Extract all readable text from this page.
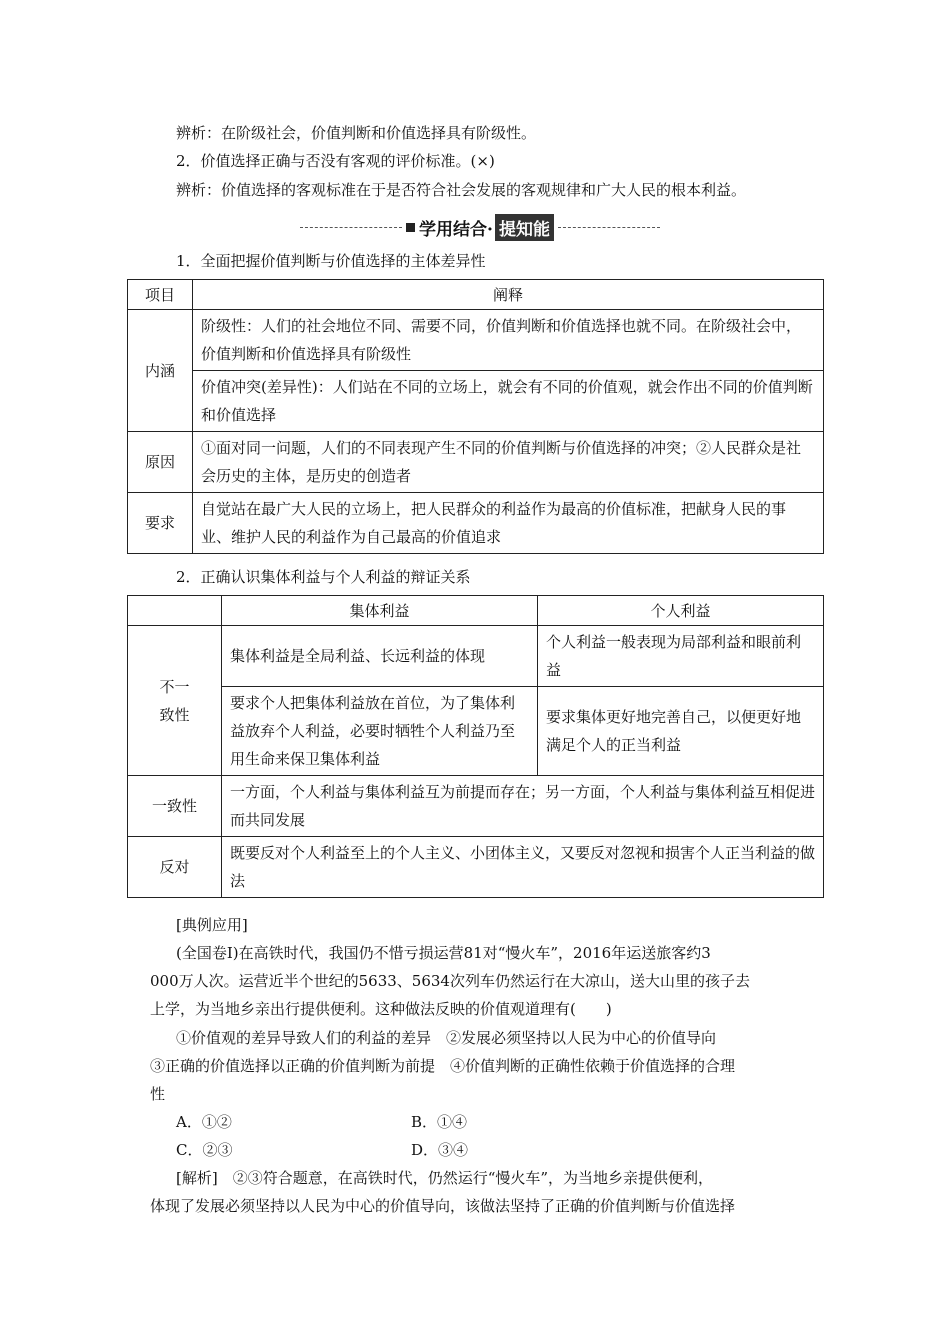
辨析：在阶级社会，价值判断和价值选择具有阶级性。
2．价值选择正确与否没有客观的评价标准。(×)
辨析：价值选择的客观标准在于是否符合社会发展的客观规律和广大人民的根本利益。
学用结合· 提知能
1．全面把握价值判断与价值选择的主体差异性
项目	阐释
内涵	阶级性：人们的社会地位不同、需要不同，价值判断和价值选择也就不同。在阶级社会中，价值判断和价值选择具有阶级性
	价值冲突(差异性)：人们站在不同的立场上，就会有不同的价值观，就会作出不同的价值判断和价值选择
原因	①面对同一问题，人们的不同表现产生不同的价值判断与价值选择的冲突；②人民群众是社会历史的主体，是历史的创造者
要求	自觉站在最广大人民的立场上，把人民群众的利益作为最高的价值标准，把献身人民的事业、维护人民的利益作为自己最高的价值追求
2．正确认识集体利益与个人利益的辩证关系
	集体利益	个人利益
不一致性	集体利益是全局利益、长远利益的体现	个人利益一般表现为局部利益和眼前利益
	要求个人把集体利益放在首位，为了集体利益放弃个人利益，必要时牺牲个人利益乃至用生命来保卫集体利益	要求集体更好地完善自己，以便更好地满足个人的正当利益
一致性	一方面，个人利益与集体利益互为前提而存在；另一方面，个人利益与集体利益互相促进而共同发展	
反对	既要反对个人利益至上的个人主义、小团体主义，又要反对忽视和损害个人正当利益的做法	
[典例应用]
(全国卷Ⅰ)在高铁时代，我国仍不惜亏损运营81对“慢火车”，2016年运送旅客约3
000万人次。运营近半个世纪的5633、5634次列车仍然运行在大凉山，送大山里的孩子去
上学，为当地乡亲出行提供便利。这种做法反映的价值观道理有(　　)
①价值观的差异导致人们的利益的差异　②发展必须坚持以人民为中心的价值导向
③正确的价值选择以正确的价值判断为前提　④价值判断的正确性依赖于价值选择的合理
性
A．①②	B．①④
C．②③	D．③④
[解析]　②③符合题意，在高铁时代，仍然运行“慢火车”，为当地乡亲提供便利，
体现了发展必须坚持以人民为中心的价值导向，该做法坚持了正确的价值判断与价值选择
